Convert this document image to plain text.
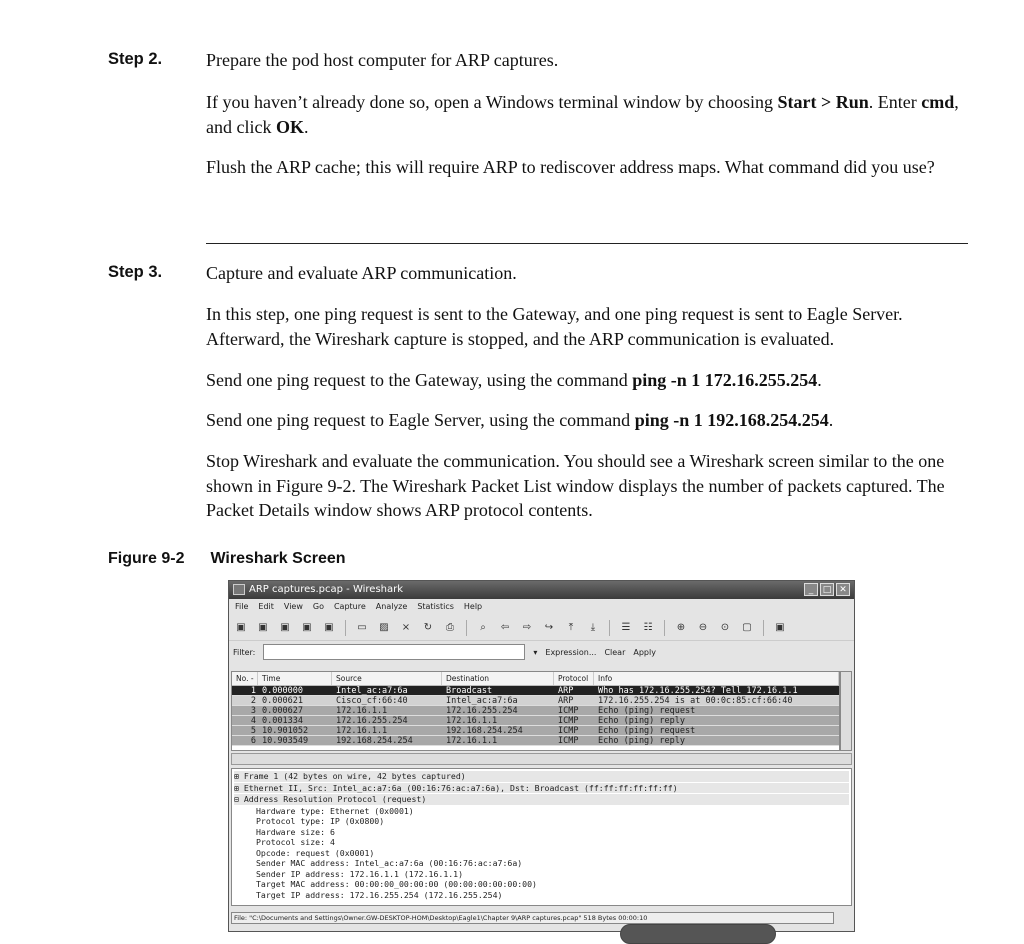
Step 2. Prepare the pod host computer for ARP captures.
If you haven’t already done so, open a Windows terminal window by choosing Start > Run. Enter cmd, and click OK.
Flush the ARP cache; this will require ARP to rediscover address maps. What command did you use?
Step 3. Capture and evaluate ARP communication.
In this step, one ping request is sent to the Gateway, and one ping request is sent to Eagle Server. Afterward, the Wireshark capture is stopped, and the ARP communication is evaluated.
Send one ping request to the Gateway, using the command ping -n 1 172.16.255.254.
Send one ping request to Eagle Server, using the command ping -n 1 192.168.254.254.
Stop Wireshark and evaluate the communication. You should see a Wireshark screen similar to the one shown in Figure 9-2. The Wireshark Packet List window displays the number of packets captured. The Packet Details window shows ARP protocol contents.
Figure 9-2 Wireshark Screen
ARP captures.pcap - Wireshark	_	□ ✕
File Edit View Go Capture Analyze Statistics Help
▣ ▣ ▣ ▣ ▣ ▭ ▨ × ↻ ⎙	⌕	⇦ ⇨ ↪	⤒	⤓	☰ ☷ ⊕ ⊖ ⊙ ▢ ▣
Filter:	▾ Expression... Clear Apply
No. -	Time	Source	Destination	Protocol	Info
1 0.000000	Intel_ac:a7:6a	Broadcast	ARP	Who has 172.16.255.254? Tell 172.16.1.1
2 0.000621	Cisco_cf:66:40	Intel_ac:a7:6a	ARP	172.16.255.254 is at 00:0c:85:cf:66:40
3 0.000627	172.16.1.1	172.16.255.254	ICMP	Echo (ping) request
4 0.001334	172.16.255.254	172.16.1.1	ICMP	Echo (ping) reply
5 10.901052	172.16.1.1	192.168.254.254	ICMP	Echo (ping) request
6 10.903549	192.168.254.254	172.16.1.1	ICMP	Echo (ping) reply
⊞ Frame 1 (42 bytes on wire, 42 bytes captured)
⊞ Ethernet II, Src: Intel_ac:a7:6a (00:16:76:ac:a7:6a), Dst: Broadcast (ff:ff:ff:ff:ff:ff)
⊟ Address Resolution Protocol (request)
Hardware type: Ethernet (0x0001)
Protocol type: IP (0x0800)
Hardware size: 6
Protocol size: 4
Opcode: request (0x0001)
Sender MAC address: Intel_ac:a7:6a (00:16:76:ac:a7:6a)
Sender IP address: 172.16.1.1 (172.16.1.1)
Target MAC address: 00:00:00_00:00:00 (00:00:00:00:00:00)
Target IP address: 172.16.255.254 (172.16.255.254)
File: "C:\Documents and Settings\Owner.GW-DESKTOP-HOM\Desktop\Eagle1\Chapter 9\ARP captures.pcap" 518 Bytes 00:00:10
